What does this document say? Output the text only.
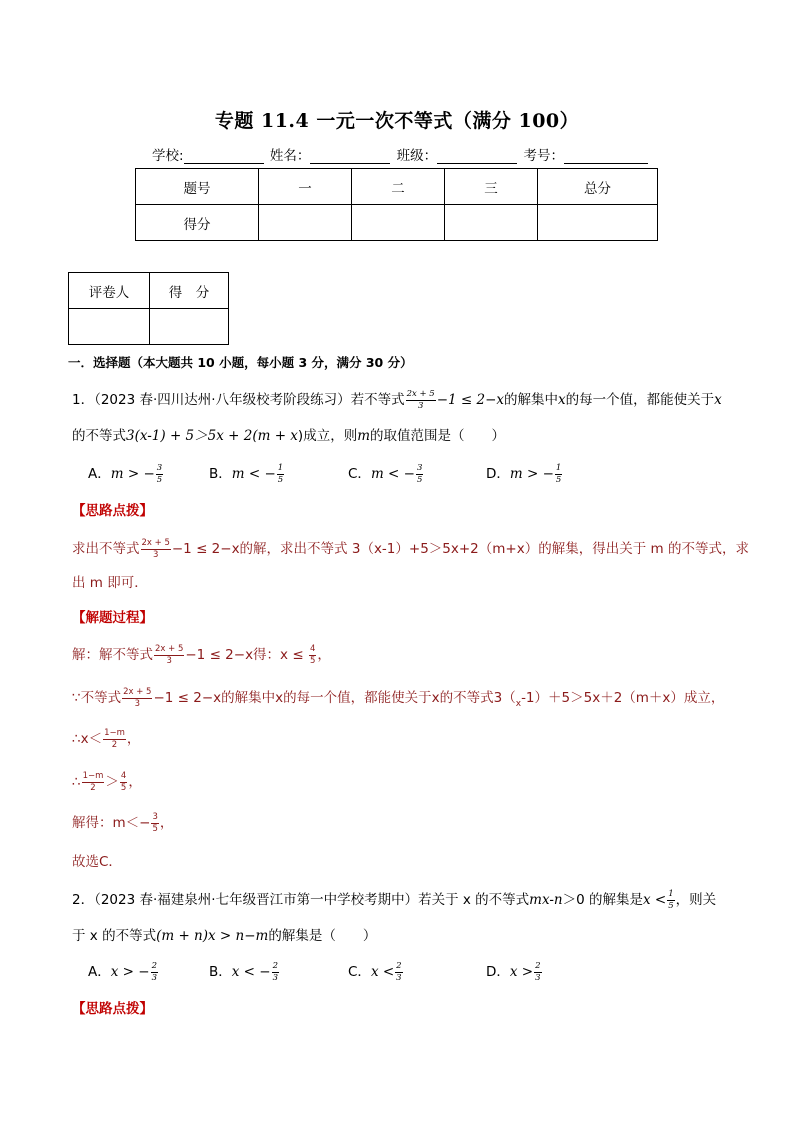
专题 11.4 一元一次不等式（满分 100）
学校:	姓名：	班级：	考号：
题号	一	二	三	总分
得分				
评卷人	得　分

一．选择题（本大题共 10 小题，每小题 3 分，满分 30 分）
1．（2023 春·四川达州·八年级校考阶段练习）若不等式 $\frac{2x + 5}{3} -1 \le 2-x$的解集中x的每一个值，都能使关于x
的不等式3(x-1) + 5＞5x + 2(m + x)成立，则m的取值范围是（　　）
A．m > − $\frac{3}{5}$	B．m < − $\frac{1}{5}$	C．m < − $\frac{3}{5}$	D．m > − $\frac{1}{5}$
【思路点拨】
求出不等式 $\frac{2x + 5}{3} -1 \le 2-x$的解，求出不等式 3（x-1）+5＞5x+2（m+x）的解集，得出关于 m 的不等式，求
出 m 即可．
【解题过程】
解：解不等式 $\frac{2x + 5}{3} -1 \le 2-x$得：$x \le \frac{4}{5}$ ，
∵不等式 $\frac{2x + 5}{3} -1 \le 2-x$的解集中x的每一个值，都能使关于x的不等式$3(_x-1)+5>5x+2(m+x)$成立，
∴x＜ $\frac{1-m}{2}$ ，
∴ $\frac{1-m}{2} > \frac{4}{5}$ ，
解得：$m<- \frac{3}{5}$ ，
故选C．
2．（2023 春·福建泉州·七年级晋江市第一中学校考期中）若关于 x 的不等式mx-n＞0 的解集是$x < \frac{1}{5}$ ，则关
于 x 的不等式(m + n)x > n−m的解集是（　　）
A．x > − $\frac{2}{3}$	B．x < − $\frac{2}{3}$	C．$x < \frac{2}{3}$	D．$x > \frac{2}{3}$
【思路点拨】
